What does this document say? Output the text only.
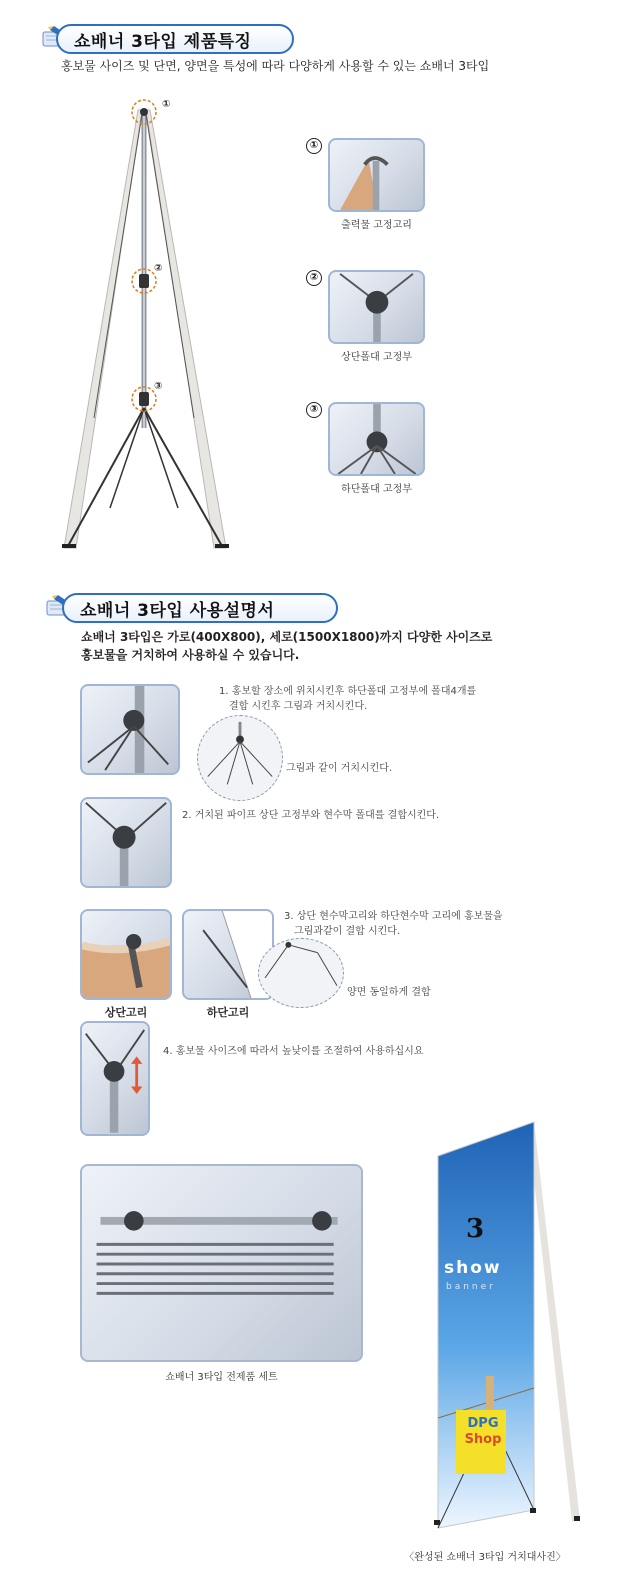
쇼배너 3타입 제품특징
홍보물 사이즈 및 단면, 양면을 특성에 따라 다양하게 사용할 수 있는 쇼배너 3타입
①
②
③
①
출력물 고정고리
②
상단폴대 고정부
③
하단폴대 고정부
쇼배너 3타입 사용설명서
쇼배너 3타입은 가로(400X800), 세로(1500X1800)까지 다양한 사이즈로
홍보물을 거치하여 사용하실 수 있습니다.
1. 홍보할 장소에 위치시킨후 하단폴대 고정부에 폴대4개를
결합 시킨후 그림과 거치시킨다.
그림과 같이 거치시킨다.
2. 거치된 파이프 상단 고정부와 현수막 폴대를 결합시킨다.
3. 상단 현수막고리와 하단현수막 고리에 홍보물을
그림과같이 결합 시킨다.
양면 동일하게 결합
상단고리	하단고리
4. 홍보물 사이즈에 따라서 높낮이를 조절하여 사용하십시요
쇼배너 3타입 전제품 세트
3
show
banner
DPG
Shop
〈완성된 쇼배너 3타입 거치대사진〉
